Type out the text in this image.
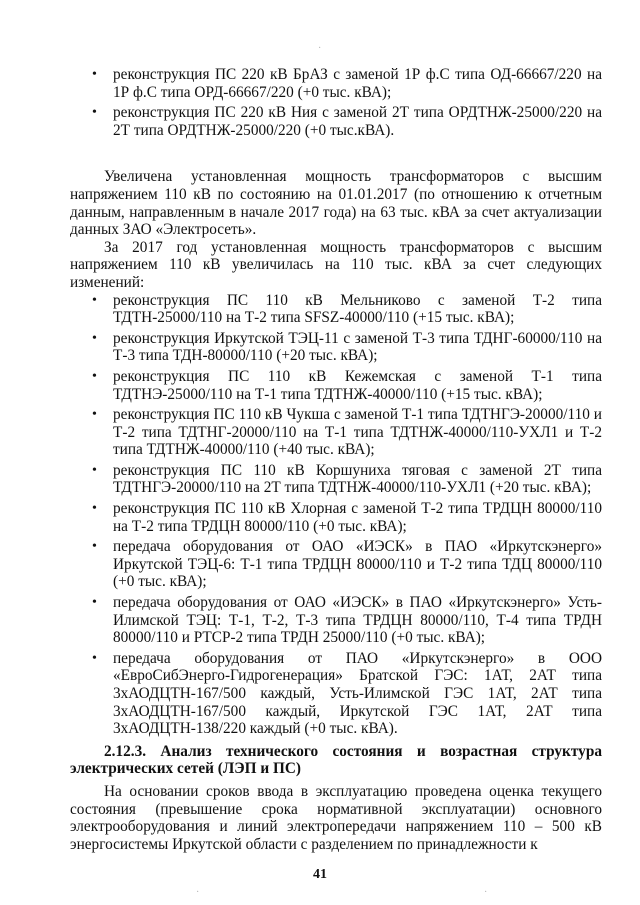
·
·	·
• реконструкция ПС 220 кВ БрАЗ с заменой 1Р ф.С типа ОД-66667/220 на 1Р ф.С типа ОРД-66667/220 (+0 тыс. кВА);
• реконструкция ПС 220 кВ Ния с заменой 2Т типа ОРДТНЖ-25000/220 на 2Т типа ОРДТНЖ-25000/220 (+0 тыс.кВА).

Увеличена установленная мощность трансформаторов с высшим напряжением 110 кВ по состоянию на 01.01.2017 (по отношению к отчетным данным, направленным в начале 2017 года) на 63 тыс. кВА за счет актуализации данных ЗАО «Электросеть».

За 2017 год установленная мощность трансформаторов с высшим напряжением 110 кВ увеличилась на 110 тыс. кВА за счет следующих изменений:

• реконструкция ПС 110 кВ Мельниково с заменой Т-2 типа ТДТН-25000/110 на Т-2 типа SFSZ-40000/110 (+15 тыс. кВА);
• реконструкция Иркутской ТЭЦ-11 с заменой Т-3 типа ТДНГ-60000/110 на Т-3 типа ТДН-80000/110 (+20 тыс. кВА);
• реконструкция ПС 110 кВ Кежемская с заменой Т-1 типа ТДТНЭ-25000/110 на Т-1 типа ТДТНЖ-40000/110 (+15 тыс. кВА);
• реконструкция ПС 110 кВ Чукша с заменой Т-1 типа ТДТНГЭ-20000/110 и Т-2 типа ТДТНГ-20000/110 на Т-1 типа ТДТНЖ-40000/110-УХЛ1 и Т-2 типа ТДТНЖ-40000/110 (+40 тыс. кВА);
• реконструкция ПС 110 кВ Коршуниха тяговая с заменой 2Т типа ТДТНГЭ-20000/110 на 2Т типа ТДТНЖ-40000/110-УХЛ1 (+20 тыс. кВА);
• реконструкция ПС 110 кВ Хлорная с заменой Т-2 типа ТРДЦН 80000/110 на Т-2 типа ТРДЦН 80000/110 (+0 тыс. кВА);
• передача оборудования от ОАО «ИЭСК» в ПАО «Иркутскэнерго» Иркутской ТЭЦ-6: Т-1 типа ТРДЦН 80000/110 и Т-2 типа ТДЦ 80000/110 (+0 тыс. кВА);
• передача оборудования от ОАО «ИЭСК» в ПАО «Иркутскэнерго» Усть-Илимской ТЭЦ: Т-1, Т-2, Т-3 типа ТРДЦН 80000/110, Т-4 типа ТРДН 80000/110 и РТСР-2 типа ТРДН 25000/110 (+0 тыс. кВА);
• передача оборудования от ПАО «Иркутскэнерго» в ООО «ЕвроСибЭнерго-Гидрогенерация» Братской ГЭС: 1АТ, 2АТ типа 3хАОДЦТН-167/500 каждый, Усть-Илимской ГЭС 1АТ, 2АТ типа 3хАОДЦТН-167/500 каждый, Иркутской ГЭС 1АТ, 2АТ типа 3хАОДЦТН-138/220 каждый (+0 тыс. кВА).

2.12.3. Анализ технического состояния и возрастная структура электрических сетей (ЛЭП и ПС)

На основании сроков ввода в эксплуатацию проведена оценка текущего состояния (превышение срока нормативной эксплуатации) основного электрооборудования и линий электропередачи напряжением 110 – 500 кВ энергосистемы Иркутской области с разделением по принадлежности к

41
